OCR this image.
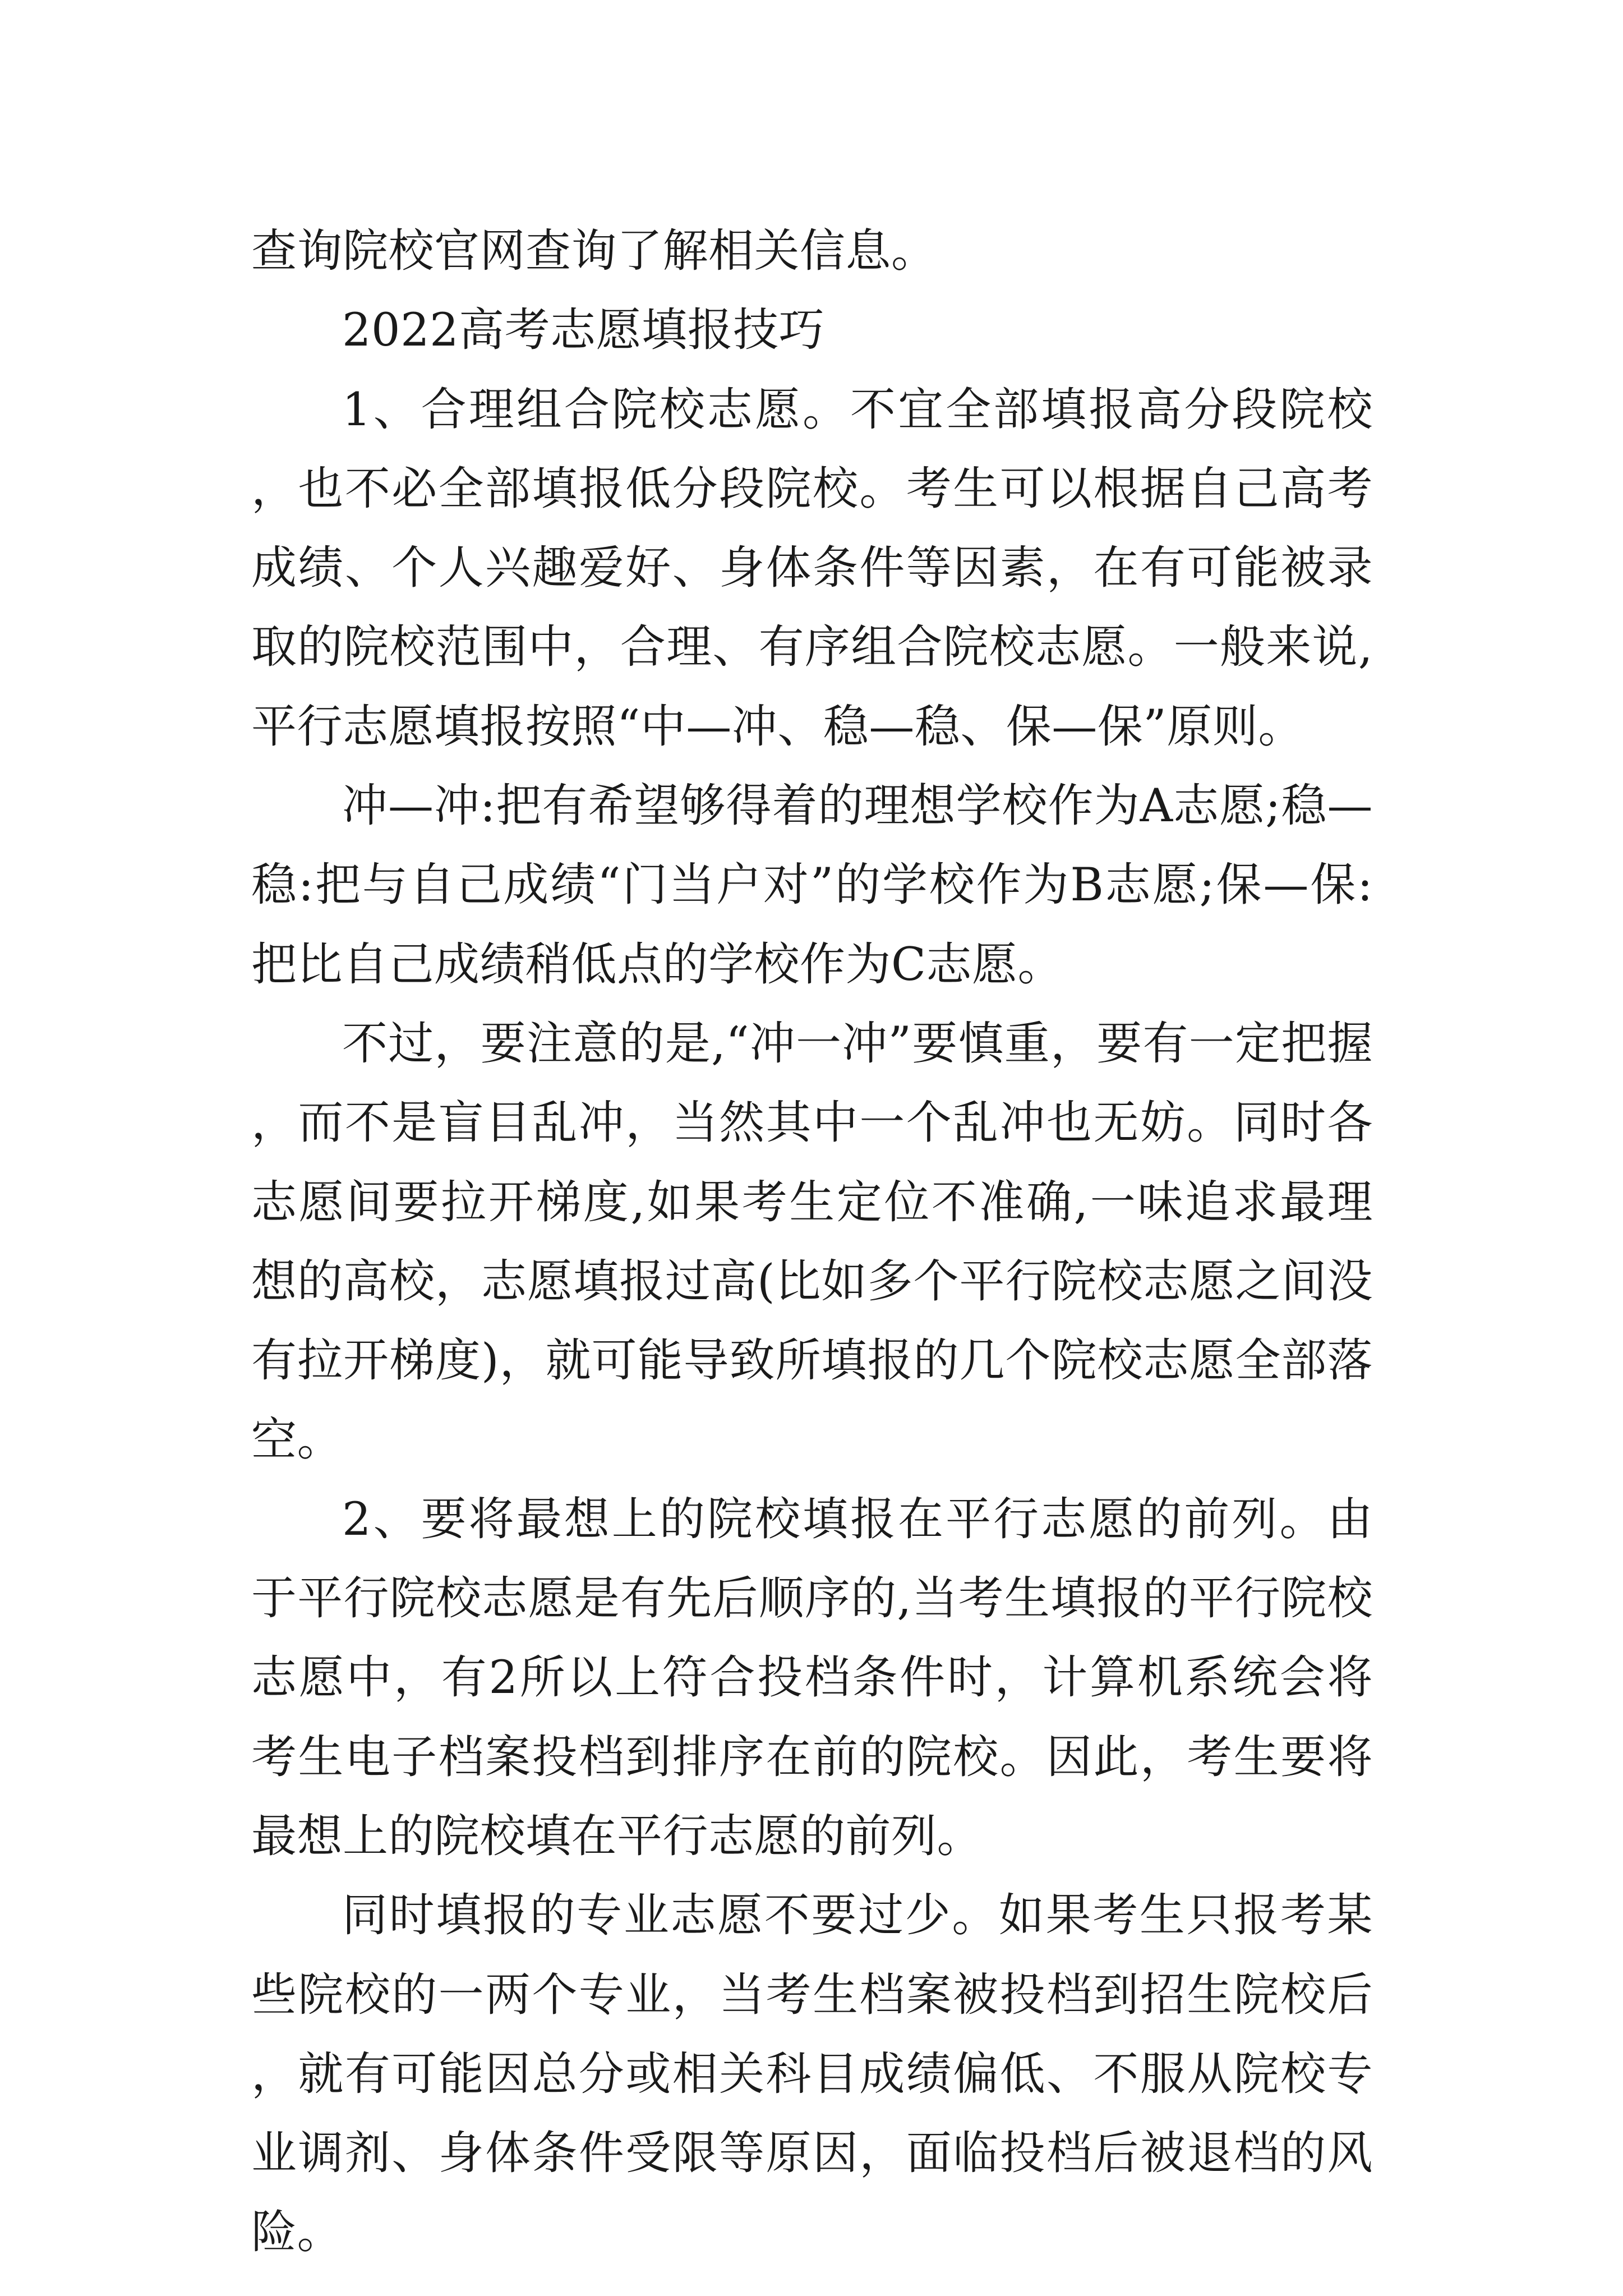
查询院校官网查询了解相关信息。

2022高考志愿填报技巧

1、合理组合院校志愿。不宜全部填报高分段院校，也不必全部填报低分段院校。考生可以根据自己高考成绩、个人兴趣爱好、身体条件等因素，在有可能被录取的院校范围中，合理、有序组合院校志愿。一般来说,平行志愿填报按照“中—冲、稳—稳、保—保”原则。

冲—冲:把有希望够得着的理想学校作为A志愿;稳—稳:把与自己成绩“门当户对”的学校作为B志愿;保—保:把比自己成绩稍低点的学校作为C志愿。

不过，要注意的是,“冲一冲”要慎重，要有一定把握，而不是盲目乱冲，当然其中一个乱冲也无妨。同时各志愿间要拉开梯度,如果考生定位不准确,一味追求最理想的高校，志愿填报过高(比如多个平行院校志愿之间没有拉开梯度)，就可能导致所填报的几个院校志愿全部落空。

2、要将最想上的院校填报在平行志愿的前列。由于平行院校志愿是有先后顺序的,当考生填报的平行院校志愿中，有2所以上符合投档条件时，计算机系统会将考生电子档案投档到排序在前的院校。因此，考生要将最想上的院校填在平行志愿的前列。

同时填报的专业志愿不要过少。如果考生只报考某些院校的一两个专业，当考生档案被投档到招生院校后，就有可能因总分或相关科目成绩偏低、不服从院校专业调剂、身体条件受限等原因，面临投档后被退档的风险。
